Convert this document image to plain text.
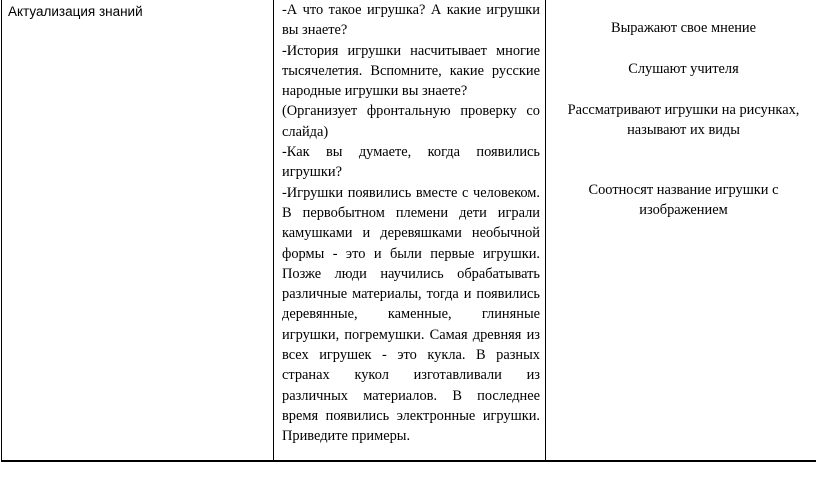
Актуализация знаний	-А что такое игрушка? А какие игрушки вы знаете?

-История игрушки насчитывает многие тысячелетия. Вспомните, какие русские народные игрушки вы знаете?

(Организует фронтальную проверку со слайда)

-Как вы думаете, когда появились игрушки?

-Игрушки появились вместе с человеком. В первобытном племени дети играли камушками и деревяшками необычной формы - это и были первые игрушки. Позже люди научились обрабатывать различные материалы, тогда и появились деревянные, каменные, глиняные игрушки, погремушки. Самая древняя из всех игрушек - это кукла. В разных странах кукол изготавливали из различных материалов. В последнее время появились электронные игрушки. Приведите примеры.

Выражают свое мнение

Слушают учителя

Рассматривают игрушки на рисунках, называют их виды

Соотносят название игрушки с изображением
